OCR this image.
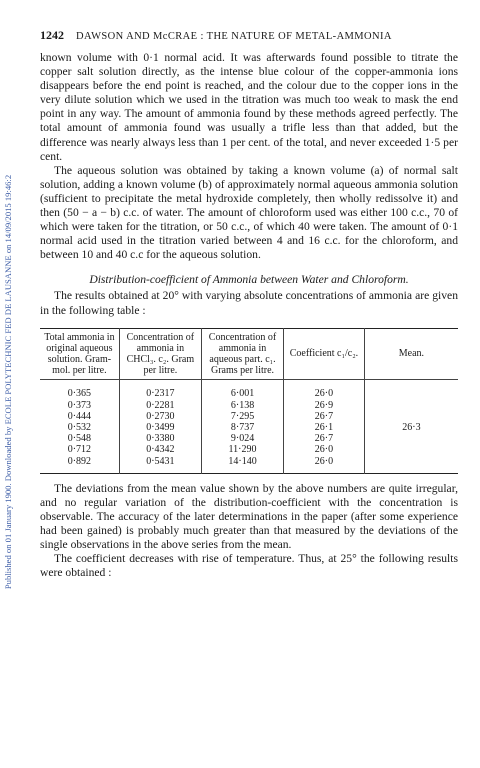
Published on 01 January 1900. Downloaded by ECOLE POLYTECHNIC FED DE LAUSANNE on 14/09/2015 19:46:2
1242 DAWSON AND McCRAE : THE NATURE OF METAL-AMMONIA

known volume with 0·1 normal acid. It was afterwards found possible to titrate the copper salt solution directly, as the intense blue colour of the copper-ammonia ions disappears before the end point is reached, and the colour due to the copper ions in the very dilute solution which we used in the titration was much too weak to mask the end point in any way. The amount of ammonia found by these methods agreed perfectly. The total amount of ammonia found was usually a trifle less than that added, but the difference was nearly always less than 1 per cent. of the total, and never exceeded 1·5 per cent.

The aqueous solution was obtained by taking a known volume (a) of normal salt solution, adding a known volume (b) of approximately normal aqueous ammonia solution (sufficient to precipitate the metal hydroxide completely, then wholly redissolve it) and then (50 − a − b) c.c. of water. The amount of chloroform used was either 100 c.c., 70 of which were taken for the titration, or 50 c.c., of which 40 were taken. The amount of 0·1 normal acid used in the titration varied between 4 and 16 c.c. for the chloroform, and between 10 and 40 c.c for the aqueous solution.

Distribution-coefficient of Ammonia between Water and Chloroform.

The results obtained at 20° with varying absolute concentrations of ammonia are given in the following table :

Total ammonia in original aqueous solution. Gram-mol. per litre.	Concentration of ammonia in CHCl₃. c₂. Gram per litre.	Concentration of ammonia in aqueous part. c₁. Grams per litre.	Coefficient c₁/c₂.	Mean.
0·365	0·2317	6·001	26·0	
0·373	0·2281	6·138	26·9	
0·444	0·2730	7·295	26·7	
0·532	0·3499	8·737	26·1	26·3
0·548	0·3380	9·024	26·7	
0·712	0·4342	11·290	26·0	
0·892	0·5431	14·140	26·0	

The deviations from the mean value shown by the above numbers are quite irregular, and no regular variation of the distribution-coefficient with the concentration is observable. The accuracy of the later determinations in the paper (after some experience had been gained) is probably much greater than that measured by the deviations of the single observations in the above series from the mean.

The coefficient decreases with rise of temperature. Thus, at 25° the following results were obtained :
